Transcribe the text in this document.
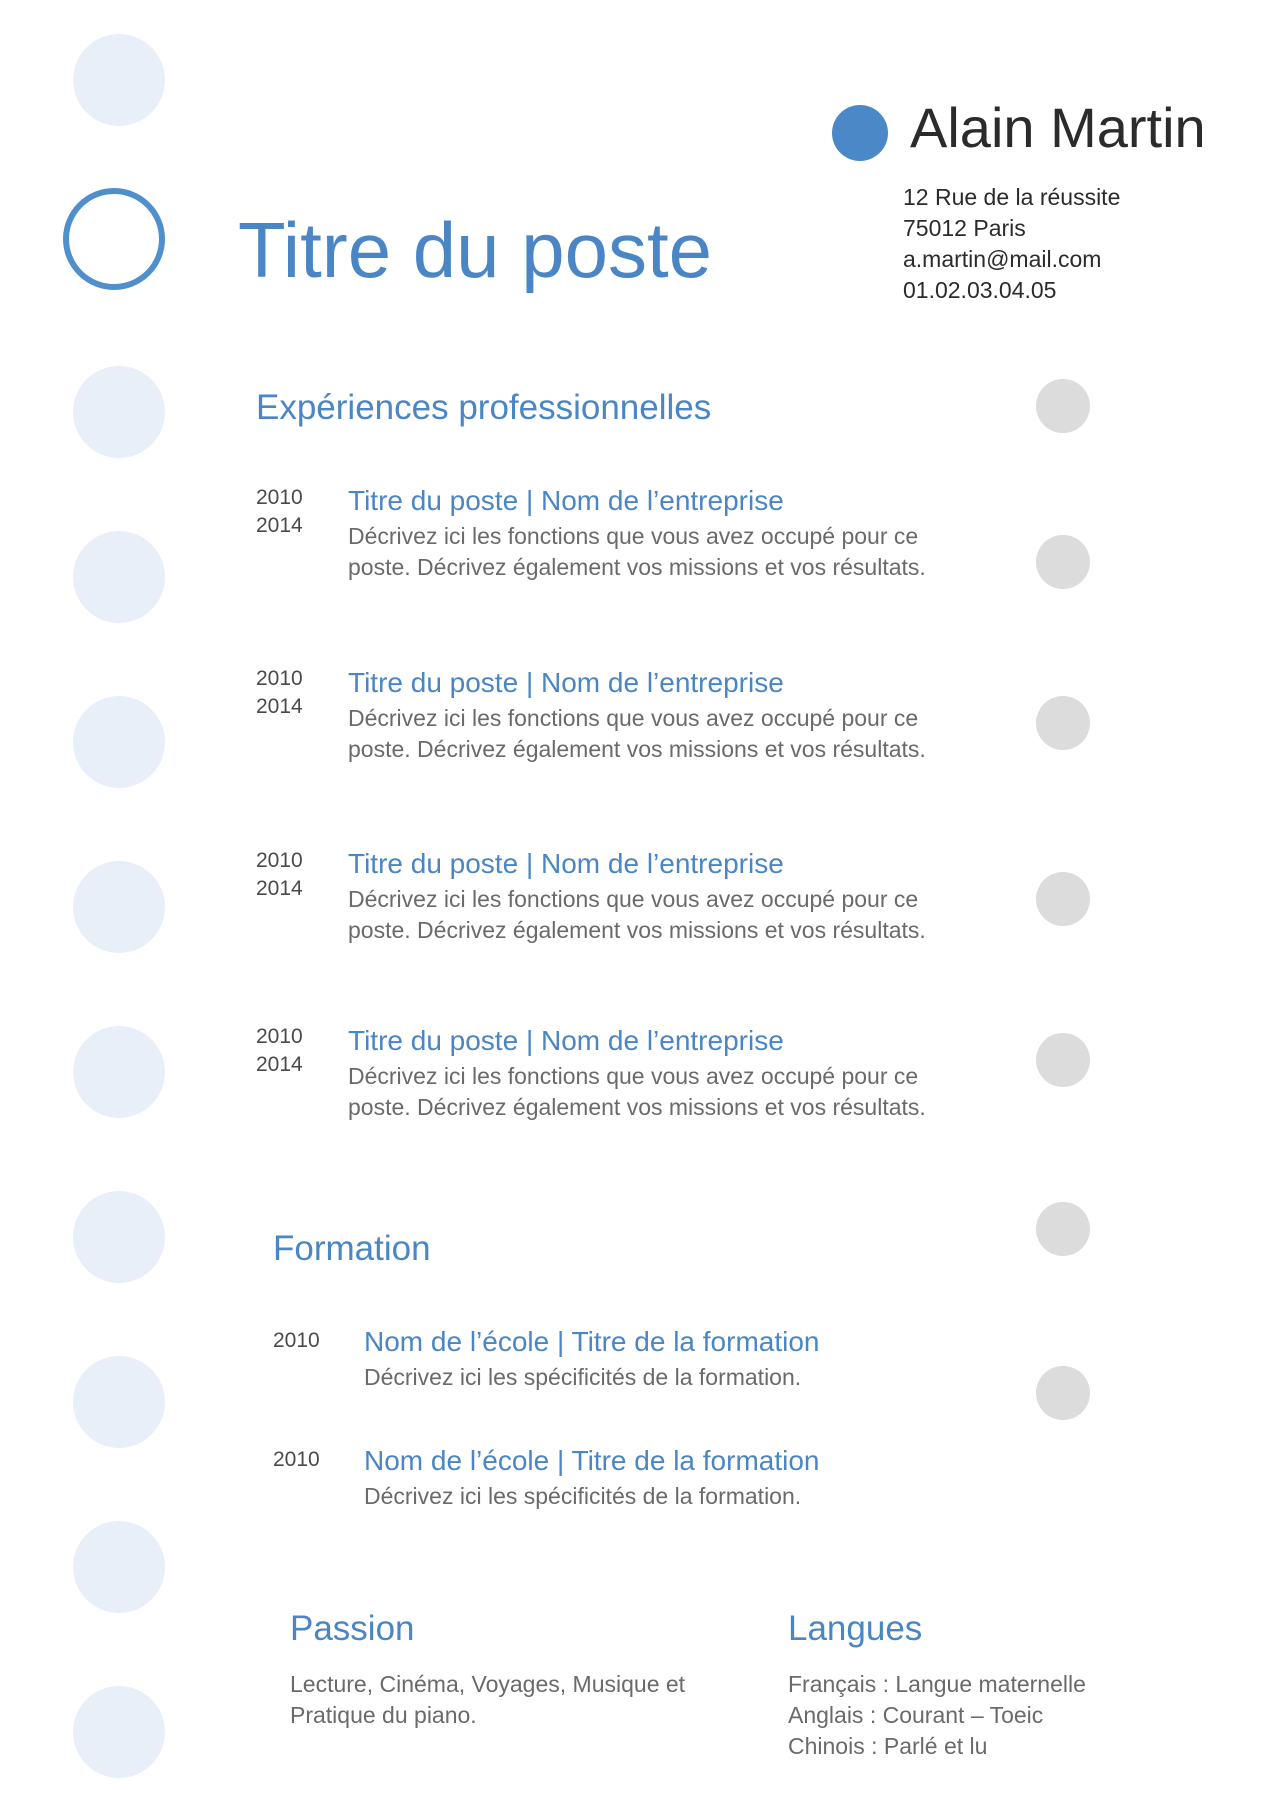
Alain Martin
12 Rue de la réussite
75012 Paris
a.martin@mail.com
01.02.03.04.05
Titre du poste
Expériences professionnelles
2010
2014
Titre du poste | Nom de l’entreprise
Décrivez ici les fonctions que vous avez occupé pour ce poste. Décrivez également vos missions et vos résultats.
2010
2014
Titre du poste | Nom de l’entreprise
Décrivez ici les fonctions que vous avez occupé pour ce poste. Décrivez également vos missions et vos résultats.
2010
2014
Titre du poste | Nom de l’entreprise
Décrivez ici les fonctions que vous avez occupé pour ce poste. Décrivez également vos missions et vos résultats.
2010
2014
Titre du poste | Nom de l’entreprise
Décrivez ici les fonctions que vous avez occupé pour ce poste. Décrivez également vos missions et vos résultats.
Formation
2010 Nom de l’école | Titre de la formation
Décrivez ici les spécificités de la formation.
2010 Nom de l’école | Titre de la formation
Décrivez ici les spécificités de la formation.
Passion
Lecture, Cinéma, Voyages, Musique et
Pratique du piano.
Langues
Français : Langue maternelle
Anglais : Courant – Toeic
Chinois : Parlé et lu
